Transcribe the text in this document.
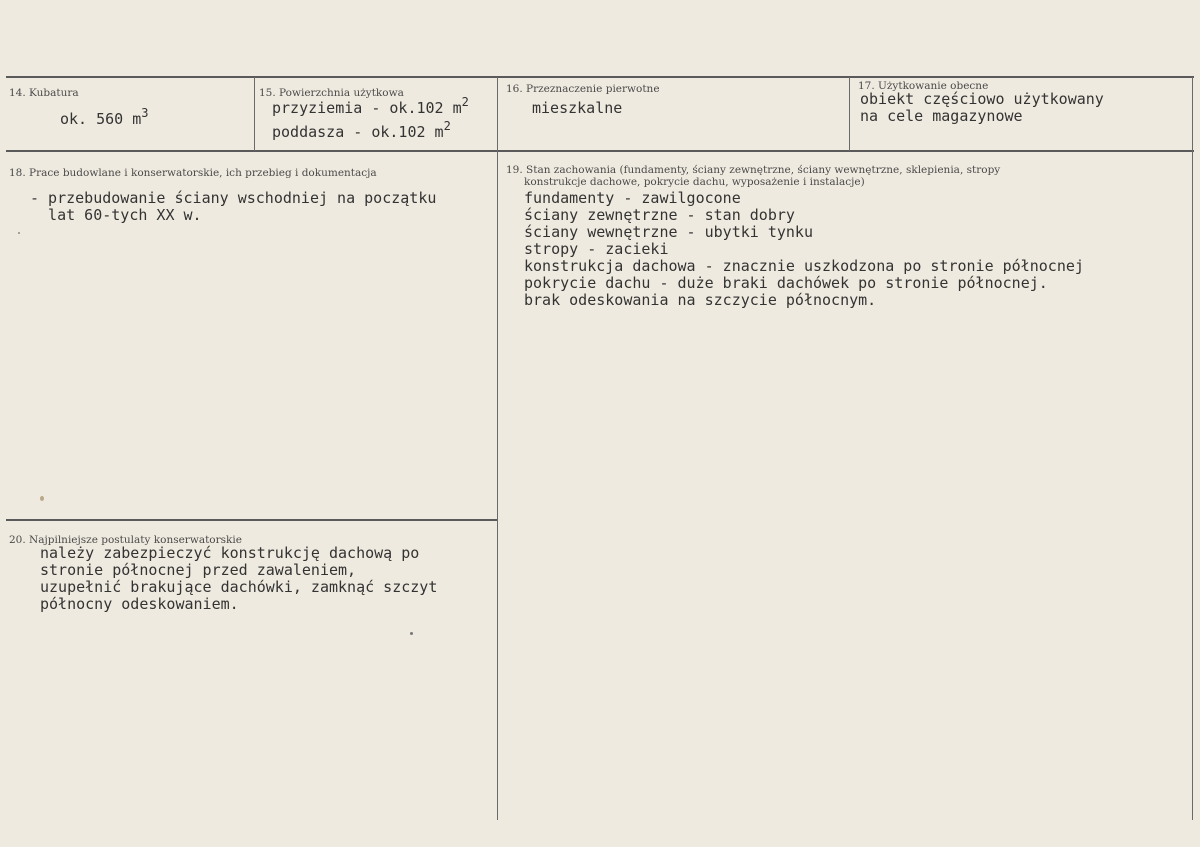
14. Kubatura
ok. 560 $m^3$
15. Powierzchnia użytkowa
przyziemia - ok.102 $m^2$
poddasza - ok.102 $m^2$
16. Przeznaczenie pierwotne
mieszkalne
17. Użytkowanie obecne
obiekt częściowo użytkowany
na cele magazynowe
18. Prace budowlane i konserwatorskie, ich przebieg i dokumentacja
- przebudowanie ściany wschodniej na początku
lat 60-tych XX w.
19. Stan zachowania (fundamenty, ściany zewnętrzne, ściany wewnętrzne, sklepienia, stropy
konstrukcje dachowe, pokrycie dachu, wyposażenie i instalacje)
fundamenty - zawilgocone
ściany zewnętrzne - stan dobry
ściany wewnętrzne - ubytki tynku
stropy - zacieki
konstrukcja dachowa - znacznie uszkodzona po stronie północnej
pokrycie dachu - duże braki dachówek po stronie północnej.
brak odeskowania na szczycie północnym.
20. Najpilniejsze postulaty konserwatorskie
należy zabezpieczyć konstrukcję dachową po
stronie północnej przed zawaleniem,
uzupełnić brakujące dachówki, zamknąć szczyt
północny odeskowaniem.
